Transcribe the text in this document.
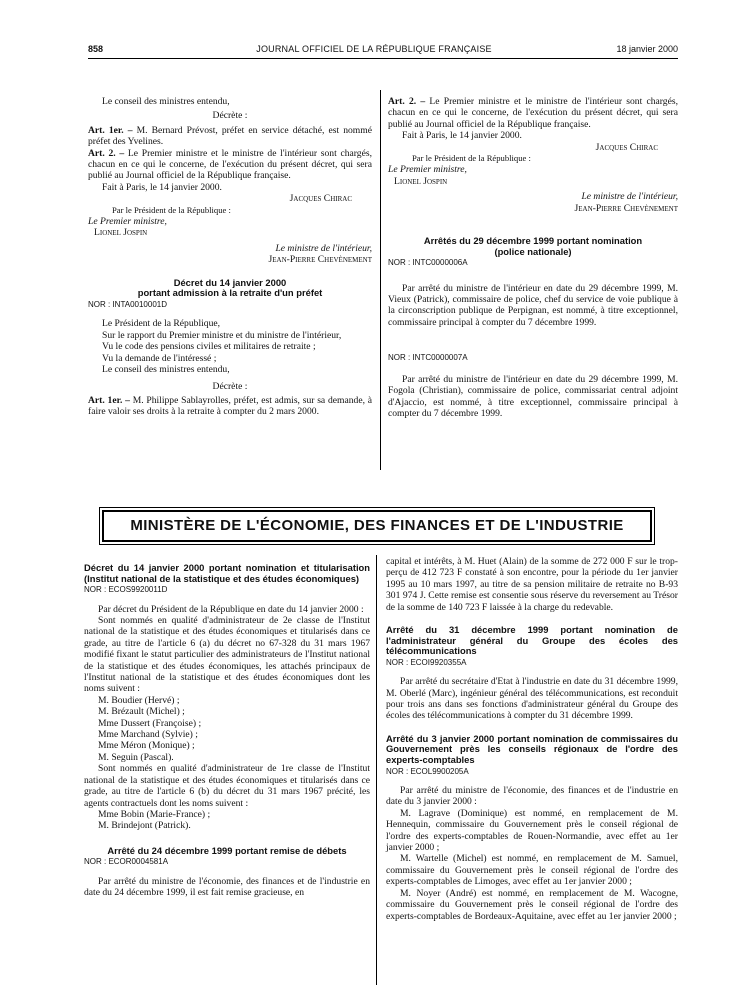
858	JOURNAL OFFICIEL DE LA RÉPUBLIQUE FRANÇAISE	18 janvier 2000

Le conseil des ministres entendu,

Décrète :

Art. 1er. – M. Bernard Prévost, préfet en service détaché, est nommé préfet des Yvelines.

Art. 2. – Le Premier ministre et le ministre de l'intérieur sont chargés, chacun en ce qui le concerne, de l'exécution du présent décret, qui sera publié au Journal officiel de la République française.

Fait à Paris, le 14 janvier 2000.

Jacques Chirac

Par le Président de la République :

Le Premier ministre,

Lionel Jospin

Le ministre de l'intérieur,

Jean-Pierre Chevènement

Décret du 14 janvier 2000

portant admission à la retraite d'un préfet

NOR : INTA0010001D

Le Président de la République,

Sur le rapport du Premier ministre et du ministre de l'intérieur,

Vu le code des pensions civiles et militaires de retraite ;

Vu la demande de l'intéressé ;

Le conseil des ministres entendu,

Décrète :

Art. 1er. – M. Philippe Sablayrolles, préfet, est admis, sur sa demande, à faire valoir ses droits à la retraite à compter du 2 mars 2000.

Art. 2. – Le Premier ministre et le ministre de l'intérieur sont chargés, chacun en ce qui le concerne, de l'exécution du présent décret, qui sera publié au Journal officiel de la République française.

Fait à Paris, le 14 janvier 2000.

Jacques Chirac

Par le Président de la République :

Le Premier ministre,

Lionel Jospin

Le ministre de l'intérieur,

Jean-Pierre Chevènement

Arrêtés du 29 décembre 1999 portant nomination

(police nationale)

NOR : INTC0000006A

Par arrêté du ministre de l'intérieur en date du 29 décembre 1999, M. Vieux (Patrick), commissaire de police, chef du service de voie publique à la circonscription publique de Perpignan, est nommé, à titre exceptionnel, commissaire principal à compter du 7 décembre 1999.

NOR : INTC0000007A

Par arrêté du ministre de l'intérieur en date du 29 décembre 1999, M. Fogola (Christian), commissaire de police, commissariat central adjoint d'Ajaccio, est nommé, à titre exceptionnel, commissaire principal à compter du 7 décembre 1999.

MINISTÈRE DE L'ÉCONOMIE, DES FINANCES ET DE L'INDUSTRIE

Décret du 14 janvier 2000 portant nomination et titularisation (Institut national de la statistique et des études économiques)

NOR : ECOS9920011D

Par décret du Président de la République en date du 14 janvier 2000 :

Sont nommés en qualité d'administrateur de 2e classe de l'Institut national de la statistique et des études économiques et titularisés dans ce grade, au titre de l'article 6 (a) du décret no 67-328 du 31 mars 1967 modifié fixant le statut particulier des administrateurs de l'Institut national de la statistique et des études économiques, les attachés principaux de l'Institut national de la statistique et des études économiques dont les noms suivent :

M. Boudier (Hervé) ;

M. Brézault (Michel) ;

Mme Dussert (Françoise) ;

Mme Marchand (Sylvie) ;

Mme Méron (Monique) ;

M. Seguin (Pascal).

Sont nommés en qualité d'administrateur de 1re classe de l'Institut national de la statistique et des études économiques et titularisés dans ce grade, au titre de l'article 6 (b) du décret du 31 mars 1967 précité, les agents contractuels dont les noms suivent :

Mme Bobin (Marie-France) ;

M. Brindejont (Patrick).

Arrêté du 24 décembre 1999 portant remise de débets

NOR : ECOR0004581A

Par arrêté du ministre de l'économie, des finances et de l'industrie en date du 24 décembre 1999, il est fait remise gracieuse, en

capital et intérêts, à M. Huet (Alain) de la somme de 272 000 F sur le trop-perçu de 412 723 F constaté à son encontre, pour la période du 1er janvier 1995 au 10 mars 1997, au titre de sa pension militaire de retraite no B-93 301 974 J. Cette remise est consentie sous réserve du reversement au Trésor de la somme de 140 723 F laissée à la charge du redevable.

Arrêté du 31 décembre 1999 portant nomination de l'administrateur général du Groupe des écoles des télécommunications

NOR : ECOI9920355A

Par arrêté du secrétaire d'Etat à l'industrie en date du 31 décembre 1999, M. Oberlé (Marc), ingénieur général des télécommunications, est reconduit pour trois ans dans ses fonctions d'administrateur général du Groupe des écoles des télécommunications à compter du 31 décembre 1999.

Arrêté du 3 janvier 2000 portant nomination de commissaires du Gouvernement près les conseils régionaux de l'ordre des experts-comptables

NOR : ECOL9900205A

Par arrêté du ministre de l'économie, des finances et de l'industrie en date du 3 janvier 2000 :

M. Lagrave (Dominique) est nommé, en remplacement de M. Hennequin, commissaire du Gouvernement près le conseil régional de l'ordre des experts-comptables de Rouen-Normandie, avec effet au 1er janvier 2000 ;

M. Wartelle (Michel) est nommé, en remplacement de M. Samuel, commissaire du Gouvernement près le conseil régional de l'ordre des experts-comptables de Limoges, avec effet au 1er janvier 2000 ;

M. Noyer (André) est nommé, en remplacement de M. Wacogne, commissaire du Gouvernement près le conseil régional de l'ordre des experts-comptables de Bordeaux-Aquitaine, avec effet au 1er janvier 2000 ;
